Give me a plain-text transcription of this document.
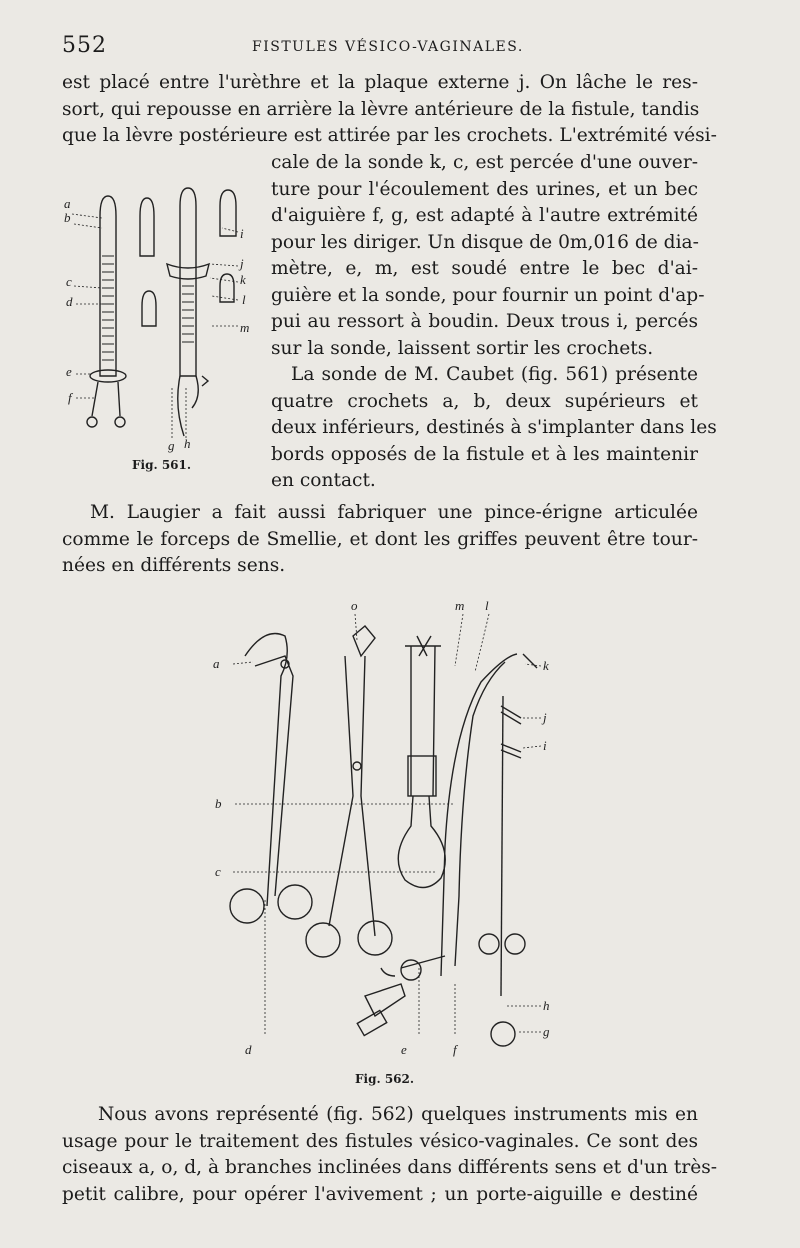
552	FISTULES VÉSICO-VAGINALES.
est placé entre l'urèthre et la plaque externe j. On lâche le res-
sort, qui repousse en arrière la lèvre antérieure de la fistule, tandis
que la lèvre postérieure est attirée par les crochets. L'extrémité vési-
cale de la sonde k, c, est percée d'une ouver-
ture pour l'écoulement des urines, et un bec
d'aiguière f, g, est adapté à l'autre extrémité
pour les diriger. Un disque de 0m,016 de dia-
mètre, e, m, est soudé entre le bec d'ai-
guière et la sonde, pour fournir un point d'ap-
pui au ressort à boudin. Deux trous i, percés
sur la sonde, laissent sortir les crochets.
La sonde de M. Caubet (fig. 561) présente
quatre crochets a, b, deux supérieurs et
deux inférieurs, destinés à s'implanter dans les
bords opposés de la fistule et à les maintenir
en contact.
a
b
c
d
e
f
g h
i
j
k
l
m
Fig. 561.
M. Laugier a fait aussi fabriquer une pince-érigne articulée
comme le forceps de Smellie, et dont les griffes peuvent être tour-
nées en différents sens.
o	m l
k
a
j
i
b
c
h
g
d	e	f
Fig. 562.
Nous avons représenté (fig. 562) quelques instruments mis en
usage pour le traitement des fistules vésico-vaginales. Ce sont des
ciseaux a, o, d, à branches inclinées dans différents sens et d'un très-
petit calibre, pour opérer l'avivement ; un porte-aiguille e destiné
